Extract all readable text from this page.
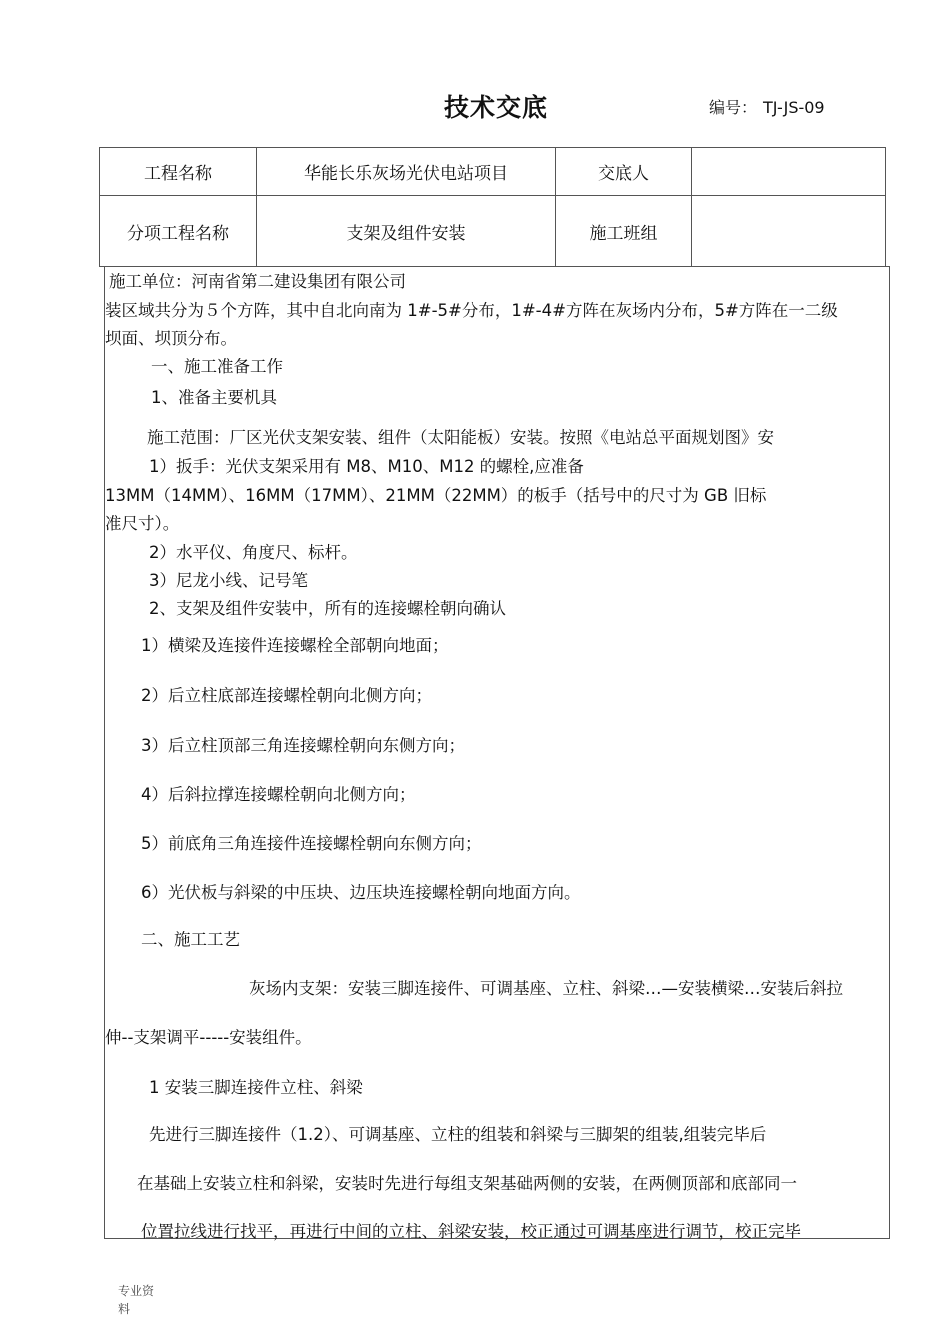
技术交底	编号： TJ-JS-09
工程名称	华能长乐灰场光伏电站项目	交底人	
分项工程名称	支架及组件安装	施工班组	
施工单位：河南省第二建设集团有限公司
装区域共分为５个方阵，其中自北向南为 1#-5#分布，1#-4#方阵在灰场内分布，5#方阵在一二级
坝面、坝顶分布。
一、施工准备工作
1、准备主要机具
施工范围：厂区光伏支架安装、组件（太阳能板）安装。按照《电站总平面规划图》安
1）扳手：光伏支架采用有 M8、M10、M12 的螺栓,应准备
13MM（14MM）、16MM（17MM）、21MM（22MM）的板手（括号中的尺寸为 GB 旧标
准尺寸）。
2）水平仪、角度尺、标杆。
3）尼龙小线、记号笔
2、支架及组件安装中，所有的连接螺栓朝向确认
1）横梁及连接件连接螺栓全部朝向地面；
2）后立柱底部连接螺栓朝向北侧方向；
3）后立柱顶部三角连接螺栓朝向东侧方向；
4）后斜拉撑连接螺栓朝向北侧方向；
5）前底角三角连接件连接螺栓朝向东侧方向；
6）光伏板与斜梁的中压块、边压块连接螺栓朝向地面方向。
二、施工工艺
灰场内支架：安装三脚连接件、可调基座、立柱、斜梁…—安装横梁…安装后斜拉
伸--支架调平-----安装组件。
1 安装三脚连接件立柱、斜梁
先进行三脚连接件（1.2）、可调基座、立柱的组装和斜梁与三脚架的组装,组装完毕后
在基础上安装立柱和斜梁，安装时先进行每组支架基础两侧的安装，在两侧顶部和底部同一
位置拉线进行找平，再进行中间的立柱、斜梁安装，校正通过可调基座进行调节，校正完毕
专业资
料
